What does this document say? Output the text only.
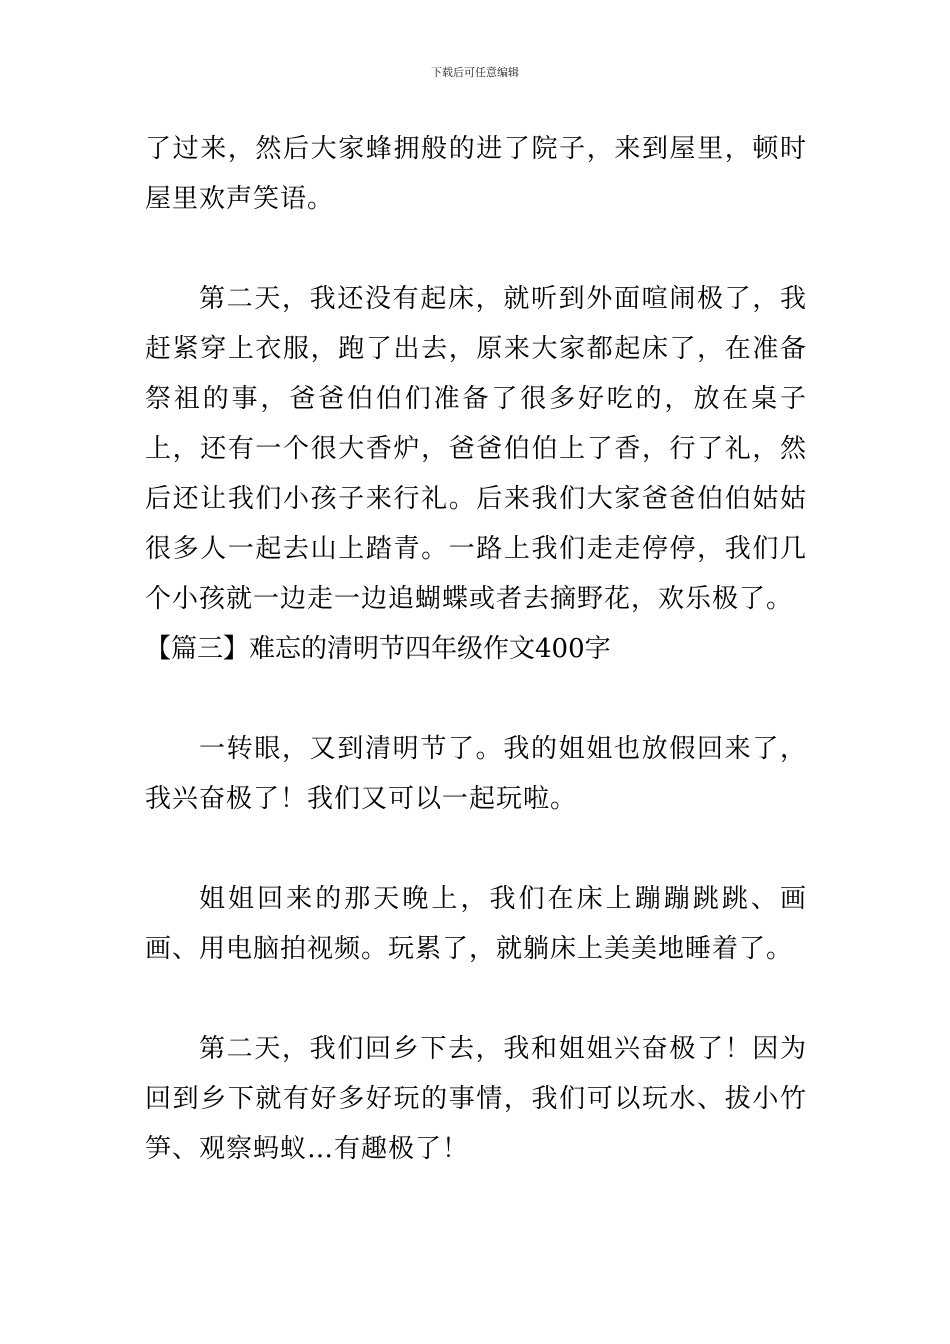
下载后可任意编辑

了过来，然后大家蜂拥般的进了院子，来到屋里，顿时屋里欢声笑语。

第二天，我还没有起床，就听到外面喧闹极了，我赶紧穿上衣服，跑了出去，原来大家都起床了，在准备祭祖的事，爸爸伯伯们准备了很多好吃的，放在桌子上，还有一个很大香炉，爸爸伯伯上了香，行了礼，然后还让我们小孩子来行礼。后来我们大家爸爸伯伯姑姑很多人一起去山上踏青。一路上我们走走停停，我们几个小孩就一边走一边追蝴蝶或者去摘野花，欢乐极了。

【篇三】难忘的清明节四年级作文400字

一转眼，又到清明节了。我的姐姐也放假回来了，我兴奋极了！我们又可以一起玩啦。

姐姐回来的那天晚上，我们在床上蹦蹦跳跳、画画、用电脑拍视频。玩累了，就躺床上美美地睡着了。

第二天，我们回乡下去，我和姐姐兴奋极了！因为回到乡下就有好多好玩的事情，我们可以玩水、拔小竹笋、观察蚂蚁…有趣极了！
